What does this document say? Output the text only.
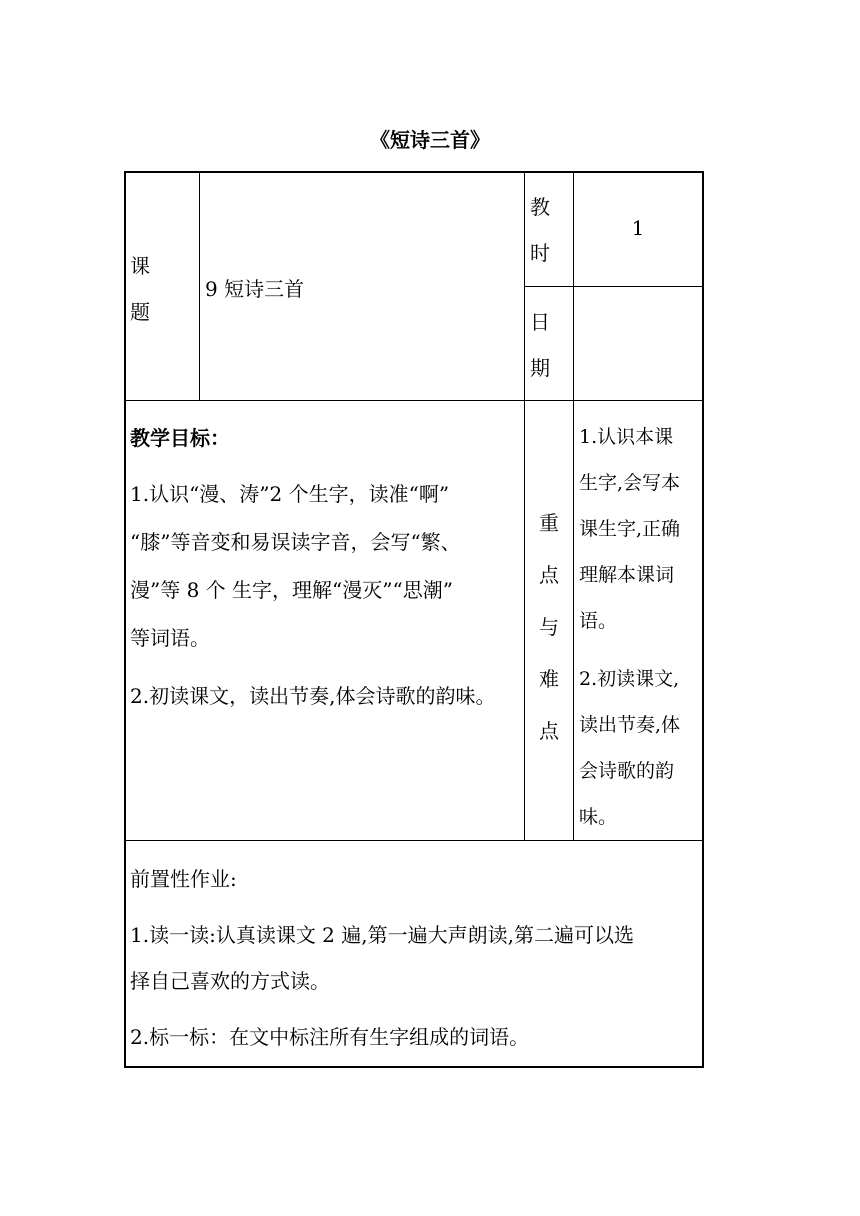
《短诗三首》

课

题

9 短诗三首

教

时

1

日

期

教学目标：

1.认识“漫、涛”2 个生字，读准“啊”

“膝”等音变和易误读字音，会写“繁、

漫”等 8 个 生字，理解“漫灭”“思潮”

等词语。

2.初读课文，读出节奏,体会诗歌的韵味。

重

点

与

难

点

1.认识本课

生字,会写本

课生字,正确

理解本课词

语。

2.初读课文,

读出节奏,体

会诗歌的韵

味。

前置性作业:

1.读一读:认真读课文 2 遍,第一遍大声朗读,第二遍可以选

择自己喜欢的方式读。

2.标一标：在文中标注所有生字组成的词语。
